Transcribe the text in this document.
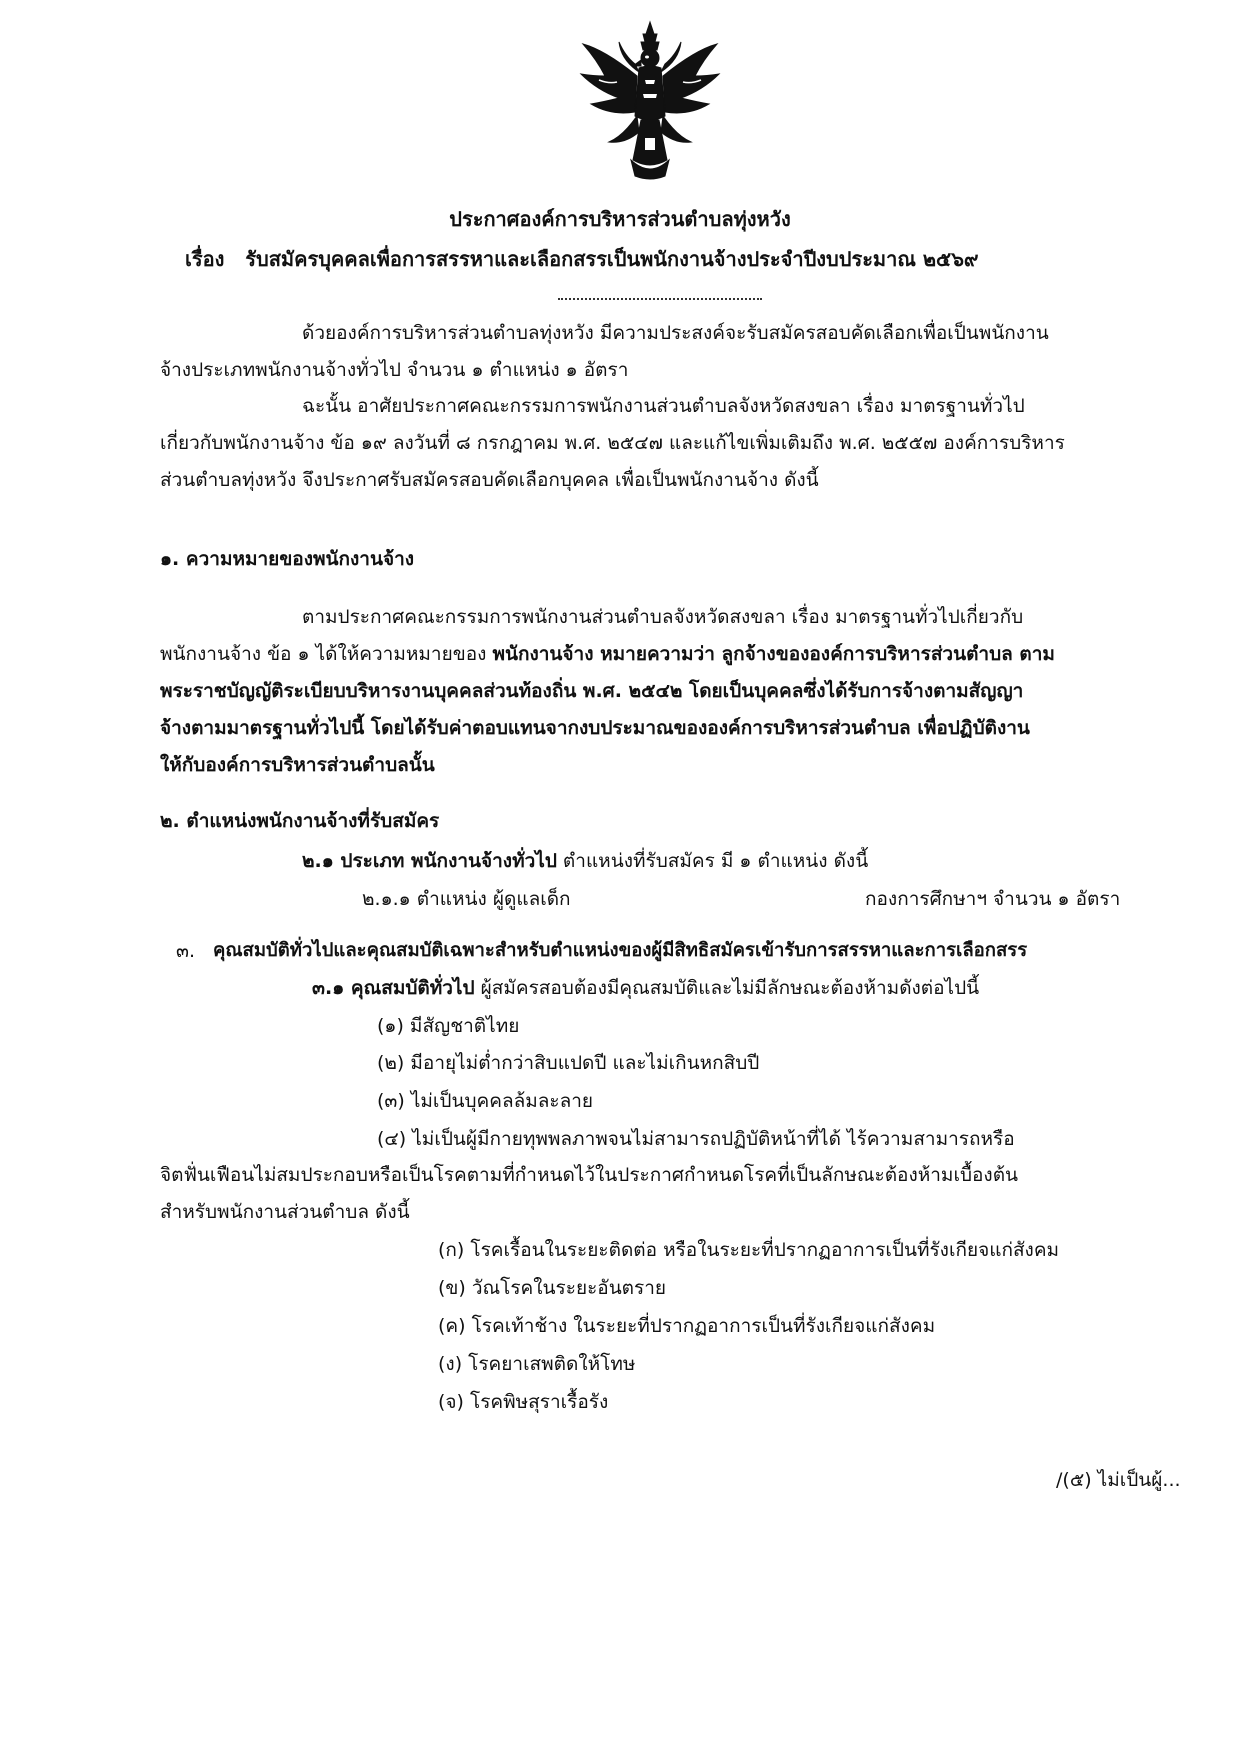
ประกาศองค์การบริหารส่วนตำบลทุ่งหวัง
เรื่อง รับสมัครบุคคลเพื่อการสรรหาและเลือกสรรเป็นพนักงานจ้างประจำปีงบประมาณ ๒๕๖๙
ด้วยองค์การบริหารส่วนตำบลทุ่งหวัง มีความประสงค์จะรับสมัครสอบคัดเลือกเพื่อเป็นพนักงาน
จ้างประเภทพนักงานจ้างทั่วไป จำนวน ๑ ตำแหน่ง ๑ อัตรา
ฉะนั้น อาศัยประกาศคณะกรรมการพนักงานส่วนตำบลจังหวัดสงขลา เรื่อง มาตรฐานทั่วไป
เกี่ยวกับพนักงานจ้าง ข้อ ๑๙ ลงวันที่ ๘ กรกฎาคม พ.ศ. ๒๕๔๗ และแก้ไขเพิ่มเติมถึง พ.ศ. ๒๕๕๗ องค์การบริหาร
ส่วนตำบลทุ่งหวัง จึงประกาศรับสมัครสอบคัดเลือกบุคคล เพื่อเป็นพนักงานจ้าง ดังนี้
๑. ความหมายของพนักงานจ้าง
ตามประกาศคณะกรรมการพนักงานส่วนตำบลจังหวัดสงขลา เรื่อง มาตรฐานทั่วไปเกี่ยวกับ
พนักงานจ้าง ข้อ ๑ ได้ให้ความหมายของ พนักงานจ้าง หมายความว่า ลูกจ้างขององค์การบริหารส่วนตำบล ตาม
พระราชบัญญัติระเบียบบริหารงานบุคคลส่วนท้องถิ่น พ.ศ. ๒๕๔๒ โดยเป็นบุคคลซึ่งได้รับการจ้างตามสัญญา
จ้างตามมาตรฐานทั่วไปนี้ โดยได้รับค่าตอบแทนจากงบประมาณขององค์การบริหารส่วนตำบล เพื่อปฏิบัติงาน
ให้กับองค์การบริหารส่วนตำบลนั้น
๒. ตำแหน่งพนักงานจ้างที่รับสมัคร
๒.๑ ประเภท พนักงานจ้างทั่วไป ตำแหน่งที่รับสมัคร มี ๑ ตำแหน่ง ดังนี้
๒.๑.๑ ตำแหน่ง ผู้ดูแลเด็ก	กองการศึกษาฯ จำนวน ๑ อัตรา
๓. คุณสมบัติทั่วไปและคุณสมบัติเฉพาะสำหรับตำแหน่งของผู้มีสิทธิสมัครเข้ารับการสรรหาและการเลือกสรร
๓.๑ คุณสมบัติทั่วไป ผู้สมัครสอบต้องมีคุณสมบัติและไม่มีลักษณะต้องห้ามดังต่อไปนี้
(๑) มีสัญชาติไทย
(๒) มีอายุไม่ต่ำกว่าสิบแปดปี และไม่เกินหกสิบปี
(๓) ไม่เป็นบุคคลล้มละลาย
(๔) ไม่เป็นผู้มีกายทุพพลภาพจนไม่สามารถปฏิบัติหน้าที่ได้ ไร้ความสามารถหรือ
จิตฟั่นเฟือนไม่สมประกอบหรือเป็นโรคตามที่กำหนดไว้ในประกาศกำหนดโรคที่เป็นลักษณะต้องห้ามเบื้องต้น
สำหรับพนักงานส่วนตำบล ดังนี้
(ก) โรคเรื้อนในระยะติดต่อ หรือในระยะที่ปรากฏอาการเป็นที่รังเกียจแก่สังคม
(ข) วัณโรคในระยะอันตราย
(ค) โรคเท้าช้าง ในระยะที่ปรากฏอาการเป็นที่รังเกียจแก่สังคม
(ง) โรคยาเสพติดให้โทษ
(จ) โรคพิษสุราเรื้อรัง
/(๕) ไม่เป็นผู้...
